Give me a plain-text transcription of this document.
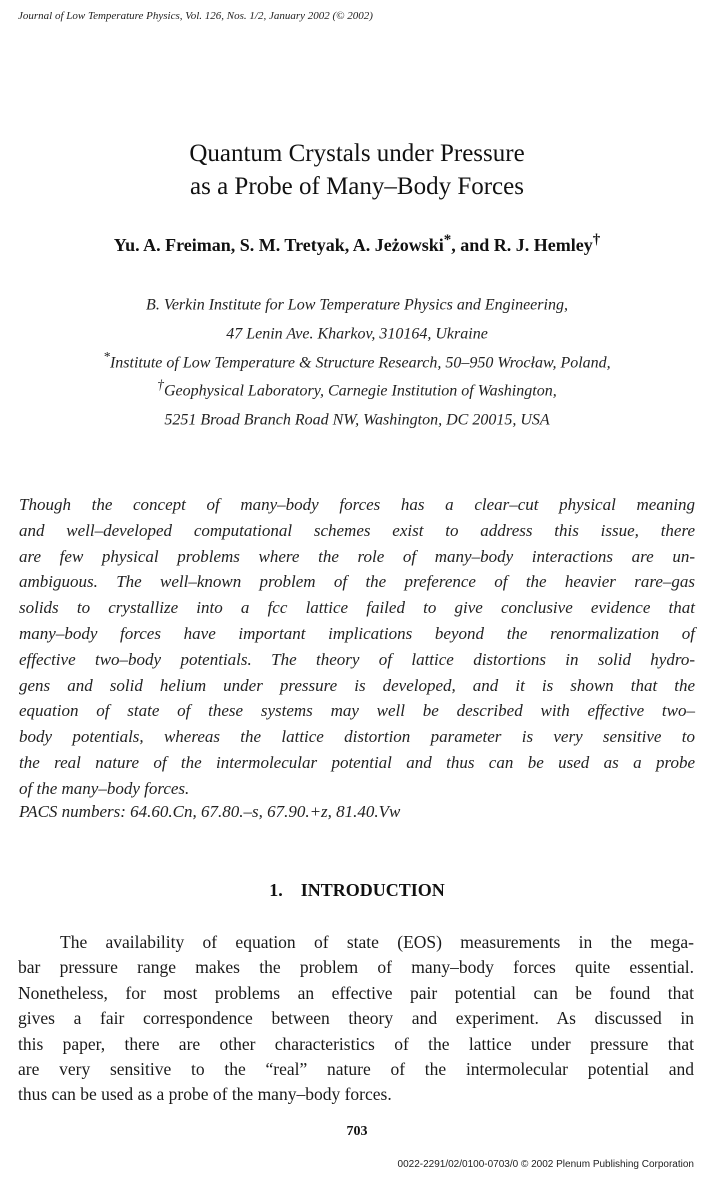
Journal of Low Temperature Physics, Vol. 126, Nos. 1/2, January 2002 (© 2002)
Quantum Crystals under Pressure
as a Probe of Many–Body Forces
Yu. A. Freiman, S. M. Tretyak, A. Jeżowski*, and R. J. Hemley†
B. Verkin Institute for Low Temperature Physics and Engineering,
47 Lenin Ave. Kharkov, 310164, Ukraine
*Institute of Low Temperature & Structure Research, 50–950 Wrocław, Poland,
†Geophysical Laboratory, Carnegie Institution of Washington,
5251 Broad Branch Road NW, Washington, DC 20015, USA
Though the concept of many–body forces has a clear–cut physical meaning
and well–developed computational schemes exist to address this issue, there
are few physical problems where the role of many–body interactions are un-
ambiguous. The well–known problem of the preference of the heavier rare–gas
solids to crystallize into a fcc lattice failed to give conclusive evidence that
many–body forces have important implications beyond the renormalization of
effective two–body potentials. The theory of lattice distortions in solid hydro-
gens and solid helium under pressure is developed, and it is shown that the
equation of state of these systems may well be described with effective two–
body potentials, whereas the lattice distortion parameter is very sensitive to
the real nature of the intermolecular potential and thus can be used as a probe
of the many–body forces.
PACS numbers: 64.60.Cn, 67.80.–s, 67.90.+z, 81.40.Vw
1. INTRODUCTION
The availability of equation of state (EOS) measurements in the mega-
bar pressure range makes the problem of many–body forces quite essential.
Nonetheless, for most problems an effective pair potential can be found that
gives a fair correspondence between theory and experiment. As discussed in
this paper, there are other characteristics of the lattice under pressure that
are very sensitive to the “real” nature of the intermolecular potential and
thus can be used as a probe of the many–body forces.
703
0022-2291/02/0100-0703/0 © 2002 Plenum Publishing Corporation
